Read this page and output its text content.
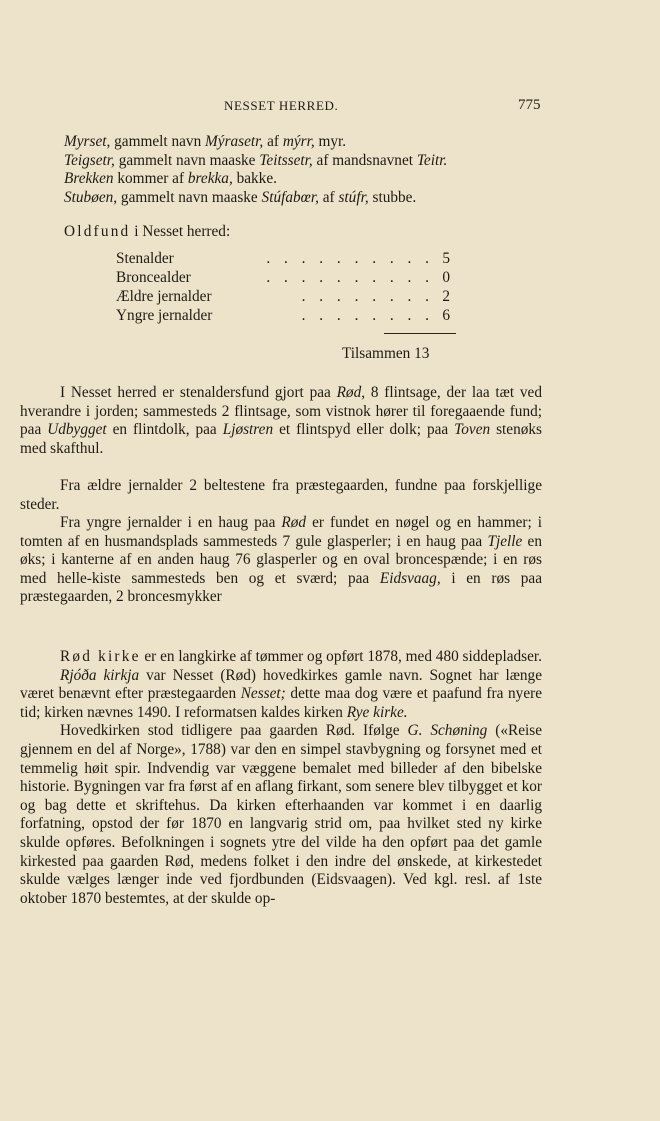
NESSET HERRED.	775

Myrset, gammelt navn Mýrasetr, af mýrr, myr.

Teigsetr, gammelt navn maaske Teitssetr, af mandsnavnet Teitr.

Brekken kommer af brekka, bakke.

Stubøen, gammelt navn maaske Stúfabœr, af stúfr, stubbe.

Oldfund i Nesset herred:
Stenalder	. . . . . . . . . . 5
Broncealder	. . . . . . . . . . 0
Ældre jernalder	. . . . . . . . 2
Yngre jernalder	. . . . . . . . 6
Tilsammen 13

I Nesset herred er stenaldersfund gjort paa Rød, 8 flintsage, der laa tæt ved hverandre i jorden; sammesteds 2 flintsage, som vistnok hører til foregaaende fund; paa Udbygget en flintdolk, paa Ljøstren et flintspyd eller dolk; paa Toven stenøks med skafthul.

Fra ældre jernalder 2 beltestene fra præstegaarden, fundne paa forskjellige steder.

Fra yngre jernalder i en haug paa Rød er fundet en nøgel og en hammer; i tomten af en husmandsplads sammesteds 7 gule glasperler; i en haug paa Tjelle en øks; i kanterne af en anden haug 76 glasperler og en oval broncespænde; i en røs med helle-kiste sammesteds ben og et sværd; paa Eidsvaag, i en røs paa præstegaarden, 2 broncesmykker

Rød kirke er en langkirke af tømmer og opført 1878, med 480 siddepladser.

Rjóða kirkja var Nesset (Rød) hovedkirkes gamle navn. Sognet har længe været benævnt efter præstegaarden Nesset; dette maa dog være et paafund fra nyere tid; kirken nævnes 1490. I reformatsen kaldes kirken Rye kirke.

Hovedkirken stod tidligere paa gaarden Rød. Ifølge G. Schøning («Reise gjennem en del af Norge», 1788) var den en simpel stavbygning og forsynet med et temmelig høit spir. Indvendig var væggene bemalet med billeder af den bibelske historie. Bygningen var fra først af en aflang firkant, som senere blev tilbygget et kor og bag dette et skriftehus. Da kirken efterhaanden var kommet i en daarlig forfatning, opstod der før 1870 en langvarig strid om, paa hvilket sted ny kirke skulde opføres. Befolkningen i sognets ytre del vilde ha den opført paa det gamle kirkested paa gaarden Rød, medens folket i den indre del ønskede, at kirkestedet skulde vælges længer inde ved fjordbunden (Eidsvaagen). Ved kgl. resl. af 1ste oktober 1870 bestemtes, at der skulde op-
